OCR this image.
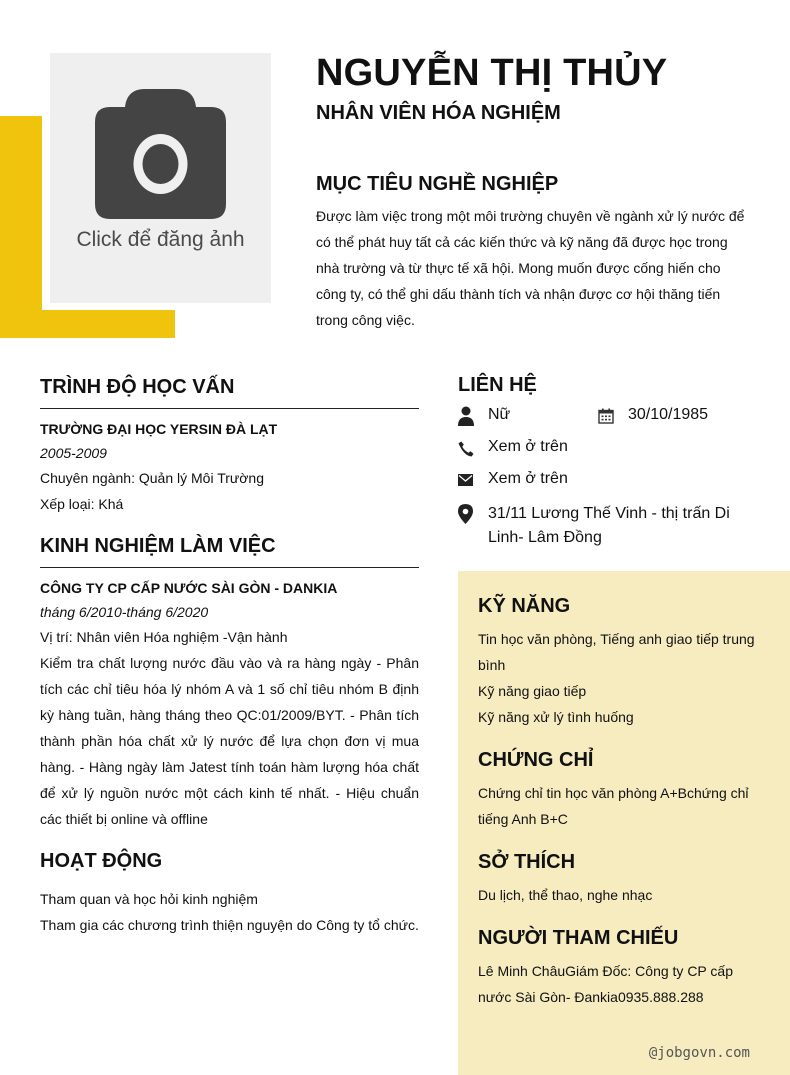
Click để đăng ảnh
NGUYỄN THỊ THỦY
NHÂN VIÊN HÓA NGHIỆM
MỤC TIÊU NGHỀ NGHIỆP
Được làm việc trong một môi trường chuyên về ngành xử lý nước để có thể phát huy tất cả các kiến thức và kỹ năng đã được học trong nhà trường và từ thực tế xã hội. Mong muốn được cống hiến cho công ty, có thể ghi dấu thành tích và nhận được cơ hội thăng tiến trong công việc.
TRÌNH ĐỘ HỌC VẤN
TRƯỜNG ĐẠI HỌC YERSIN ĐÀ LẠT
2005-2009
Chuyên ngành: Quản lý Môi Trường
Xếp loại: Khá
KINH NGHIỆM LÀM VIỆC
CÔNG TY CP CẤP NƯỚC SÀI GÒN - DANKIA
tháng 6/2010-tháng 6/2020
Vị trí: Nhân viên Hóa nghiệm -Vận hành
Kiểm tra chất lượng nước đầu vào và ra hàng ngày - Phân tích các chỉ tiêu hóa lý nhóm A và 1 số chỉ tiêu nhóm B định kỳ hàng tuần, hàng tháng theo QC:01/2009/BYT. - Phân tích thành phần hóa chất xử lý nước để lựa chọn đơn vị mua hàng. - Hàng ngày làm Jatest tính toán hàm lượng hóa chất để xử lý nguồn nước một cách kinh tế nhất. - Hiệu chuẩn các thiết bị online và offline
HOẠT ĐỘNG
Tham quan và học hỏi kinh nghiệm
Tham gia các chương trình thiện nguyện do Công ty tổ chức.
LIÊN HỆ
Nữ	30/10/1985
Xem ở trên
Xem ở trên
31/11 Lương Thế Vinh - thị trấn Di Linh- Lâm Đồng
KỸ NĂNG
Tin học văn phòng, Tiếng anh giao tiếp trung bình
Kỹ năng giao tiếp
Kỹ năng xử lý tình huống
CHỨNG CHỈ
Chứng chỉ tin học văn phòng A+Bchứng chỉ tiếng Anh B+C
SỞ THÍCH
Du lịch, thể thao, nghe nhạc
NGƯỜI THAM CHIẾU
Lê Minh ChâuGiám Đốc: Công ty CP cấp nước Sài Gòn- Đankia0935.888.288
@jobgovn.com
